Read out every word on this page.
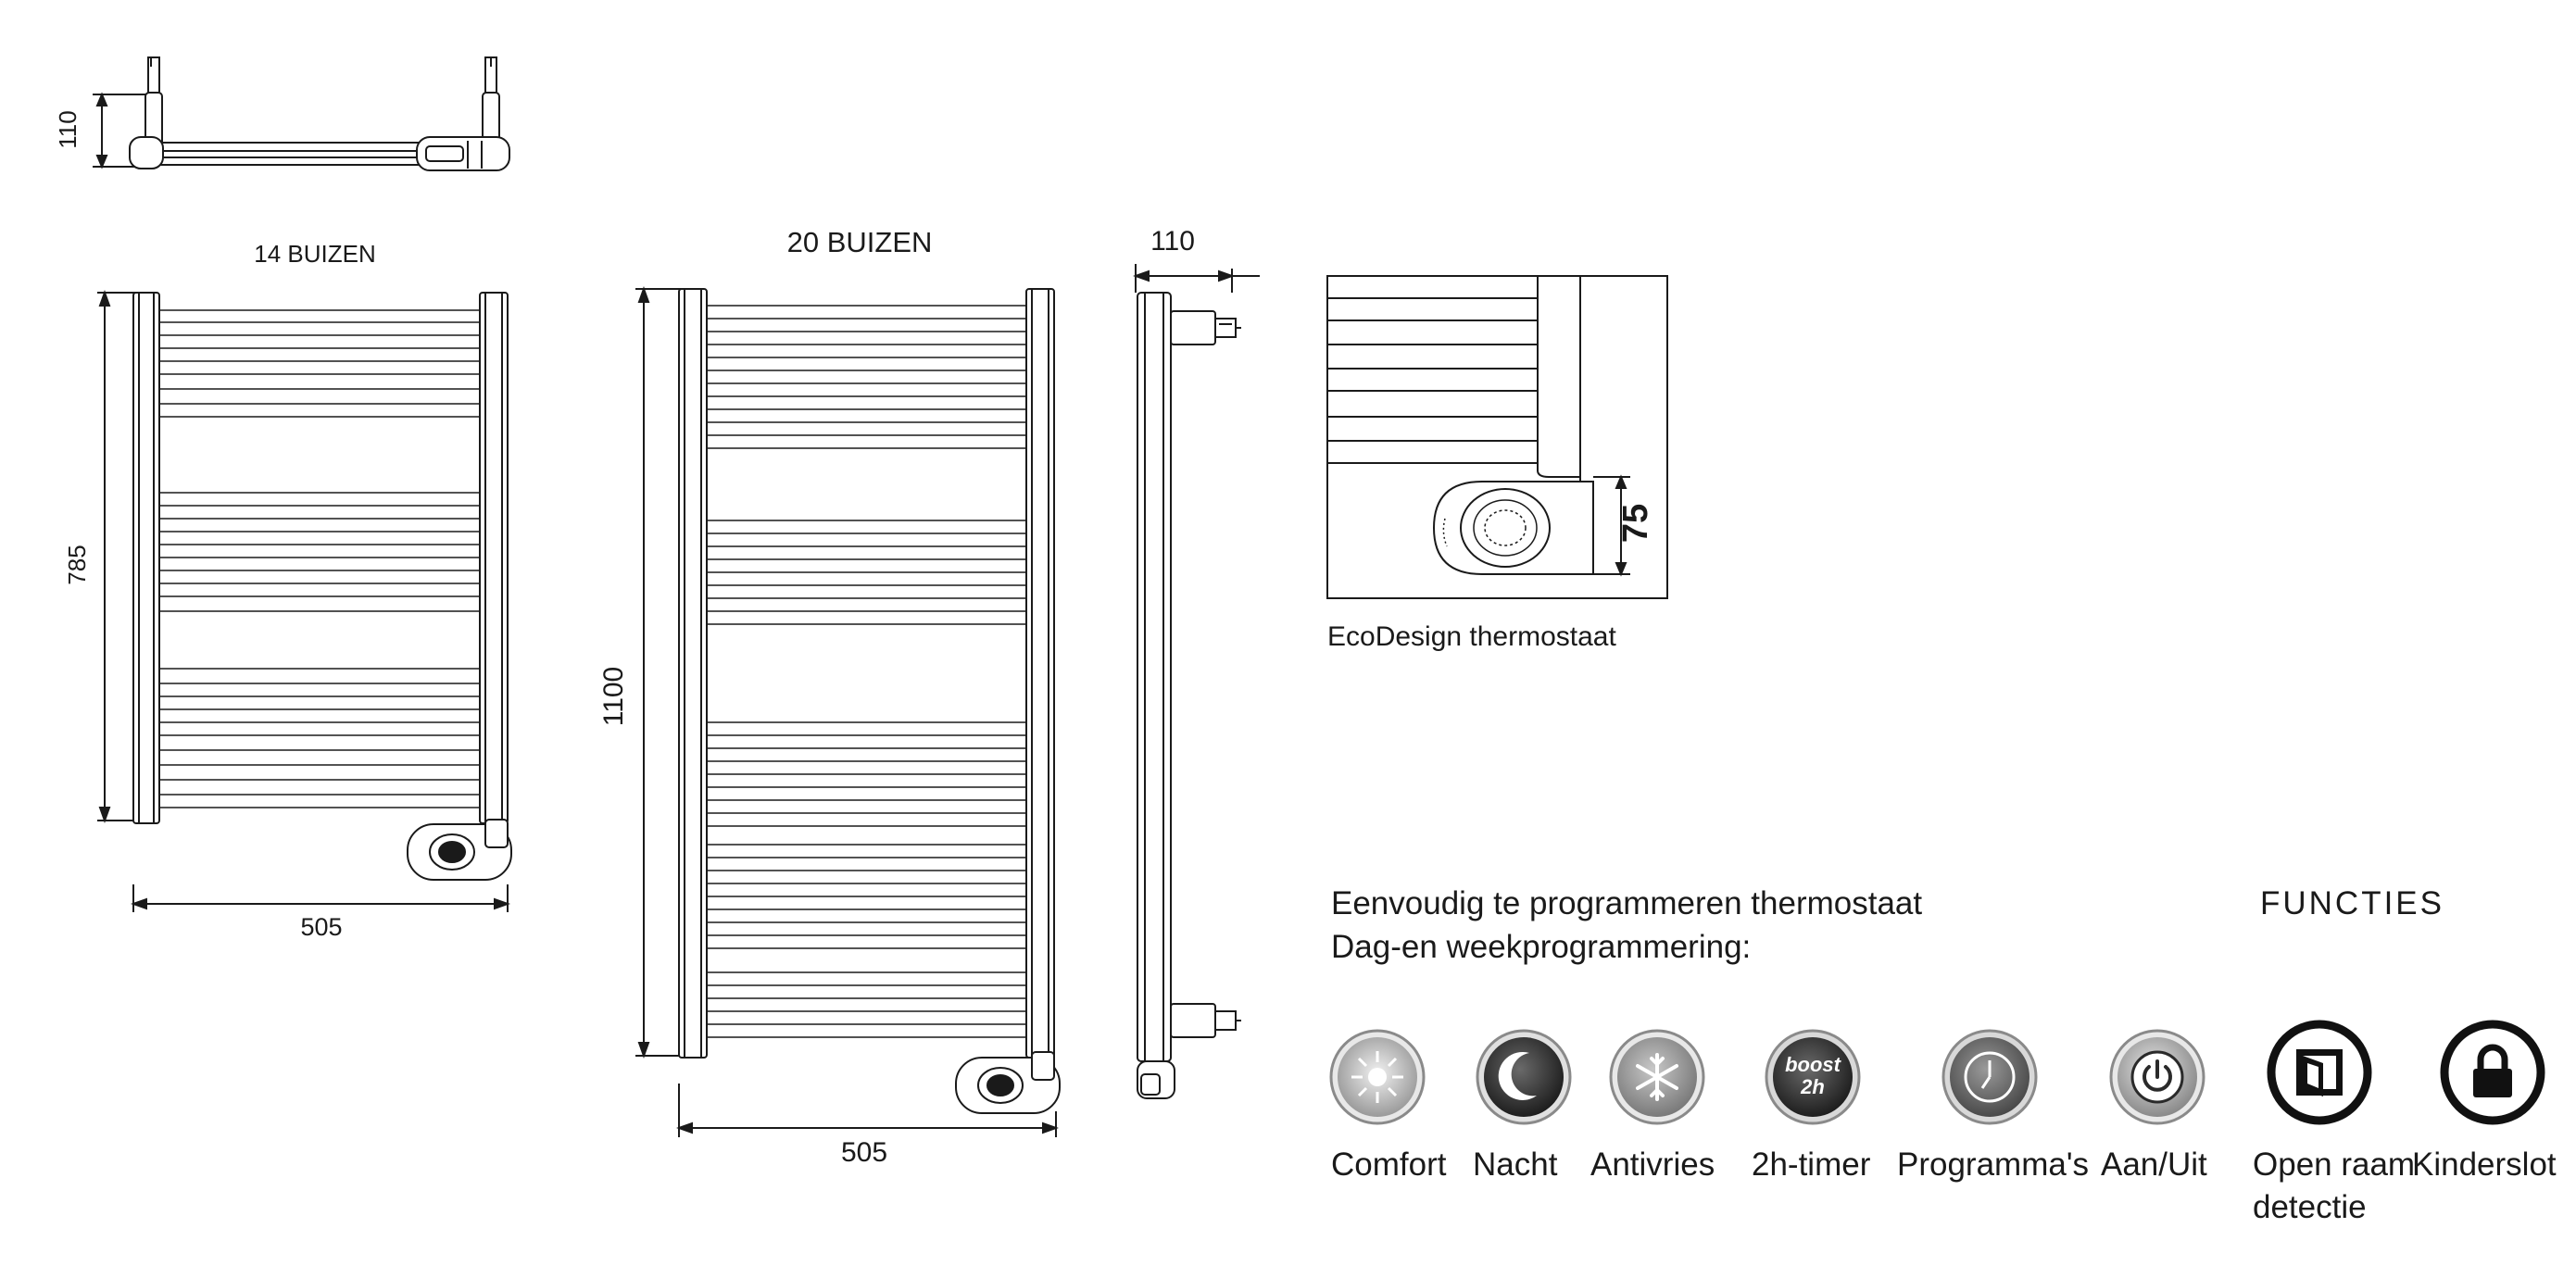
110
14 BUIZEN
785
505
20 BUIZEN
1100
505
110
75
EcoDesign thermostaat
boost
2h
Eenvoudig te programmeren thermostaat
Dag-en weekprogrammering:
FUNCTIES
Comfort Nacht Antivries 2h-timer Programma's Aan/Uit Open raam
detectie
Kinderslot
